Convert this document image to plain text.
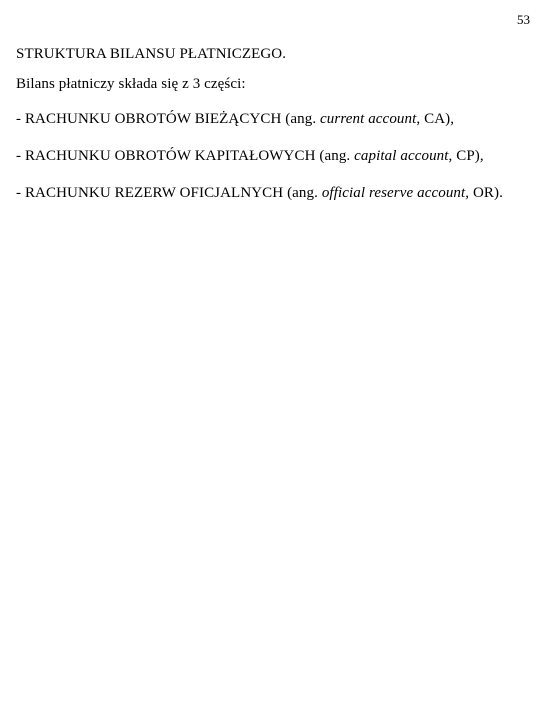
53
STRUKTURA BILANSU PŁATNICZEGO.

Bilans płatniczy składa się z 3 części:

- RACHUNKU OBROTÓW BIEŻĄCYCH (ang. current account, CA),

- RACHUNKU OBROTÓW KAPITAŁOWYCH (ang. capital account, CP),

- RACHUNKU REZERW OFICJALNYCH (ang. official reserve account, OR).
